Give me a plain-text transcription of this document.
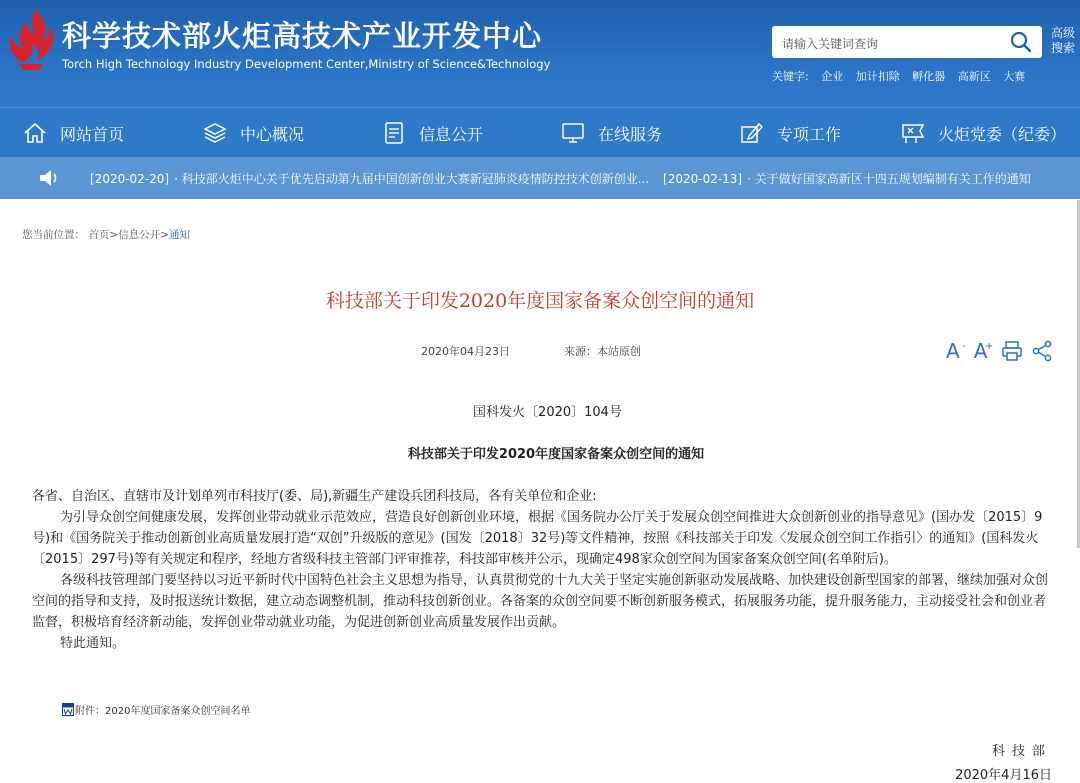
科学技术部火炬高技术产业开发中心
Torch High Technology Industry Development Center,Ministry of Science&Technology
请输入关键词查询
高级搜索
关键字: 企业 加计扣除 孵化器 高新区 大赛
网站首页	中心概况	信息公开	在线服务	专项工作	火炬党委（纪委）
[2020-02-20] · 科技部火炬中心关于优先启动第九届中国创新创业大赛新冠肺炎疫情防控技术创新创业... [2020-02-13] · 关于做好国家高新区十四五规划编制有关工作的通知
您当前位置： 首页>信息公开>通知
科技部关于印发2020年度国家备案众创空间的通知
2020年04月23日	来源：本站原创	A - A
+
国科发火〔2020〕104号
科技部关于印发2020年度国家备案众创空间的通知

各省、自治区、直辖市及计划单列市科技厅(委、局),新疆生产建设兵团科技局，各有关单位和企业:

为引导众创空间健康发展，发挥创业带动就业示范效应，营造良好创新创业环境，根据《国务院办公厅关于发展众创空间推进大众创新创业的指导意见》(国办发〔2015〕9号)和《国务院关于推动创新创业高质量发展打造“双创”升级版的意见》(国发〔2018〕32号)等文件精神，按照《科技部关于印发〈发展众创空间工作指引〉的通知》(国科发火〔2015〕297号)等有关规定和程序，经地方省级科技主管部门评审推荐，科技部审核并公示，现确定498家众创空间为国家备案众创空间(名单附后)。

各级科技管理部门要坚持以习近平新时代中国特色社会主义思想为指导，认真贯彻党的十九大关于坚定实施创新驱动发展战略、加快建设创新型国家的部署，继续加强对众创空间的指导和支持，及时报送统计数据，建立动态调整机制，推动科技创新创业。各备案的众创空间要不断创新服务模式，拓展服务功能，提升服务能力，主动接受社会和创业者监督，积极培育经济新动能，发挥创业带动就业功能，为促进创新创业高质量发展作出贡献。

特此通知。

附件：2020年度国家备案众创空间名单
科技部
2020年4月16日
